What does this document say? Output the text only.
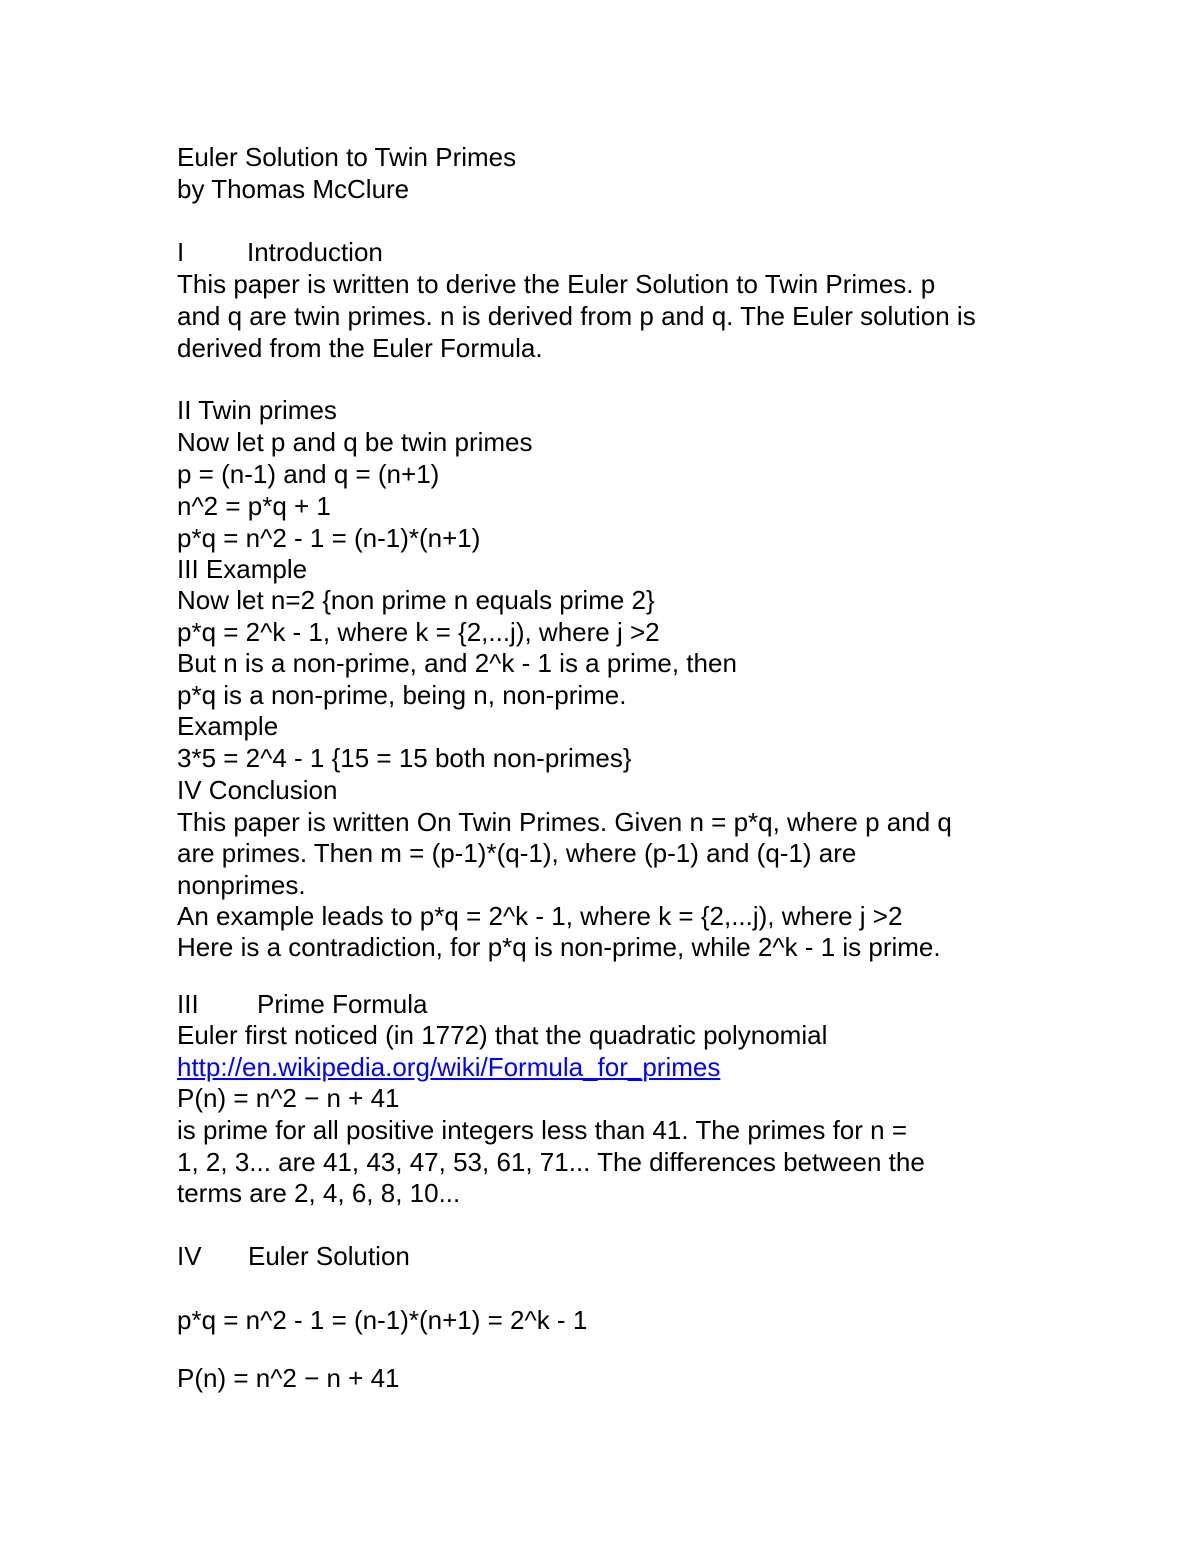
Euler Solution to Twin Primes
by Thomas McClure
I Introduction
This paper is written to derive the Euler Solution to Twin Primes. p
and q are twin primes. n is derived from p and q. The Euler solution is
derived from the Euler Formula.
II Twin primes
Now let p and q be twin primes
p = (n-1) and q = (n+1)
n^2 = p*q + 1
p*q = n^2 - 1 = (n-1)*(n+1)
III Example
Now let n=2 {non prime n equals prime 2}
p*q = 2^k - 1, where k = {2,...j), where j >2
But n is a non-prime, and 2^k - 1 is a prime, then
p*q is a non-prime, being n, non-prime.
Example
3*5 = 2^4 - 1 {15 = 15 both non-primes}
IV Conclusion
This paper is written On Twin Primes. Given n = p*q, where p and q
are primes. Then m = (p-1)*(q-1), where (p-1) and (q-1) are
nonprimes.
An example leads to p*q = 2^k - 1, where k = {2,...j), where j >2
Here is a contradiction, for p*q is non-prime, while 2^k - 1 is prime.
III Prime Formula
Euler first noticed (in 1772) that the quadratic polynomial
http://en.wikipedia.org/wiki/Formula_for_primes
P(n) = n^2 − n + 41
is prime for all positive integers less than 41. The primes for n =
1, 2, 3... are 41, 43, 47, 53, 61, 71... The differences between the
terms are 2, 4, 6, 8, 10...
IV Euler Solution
p*q = n^2 - 1 = (n-1)*(n+1) = 2^k - 1
P(n) = n^2 − n + 41
